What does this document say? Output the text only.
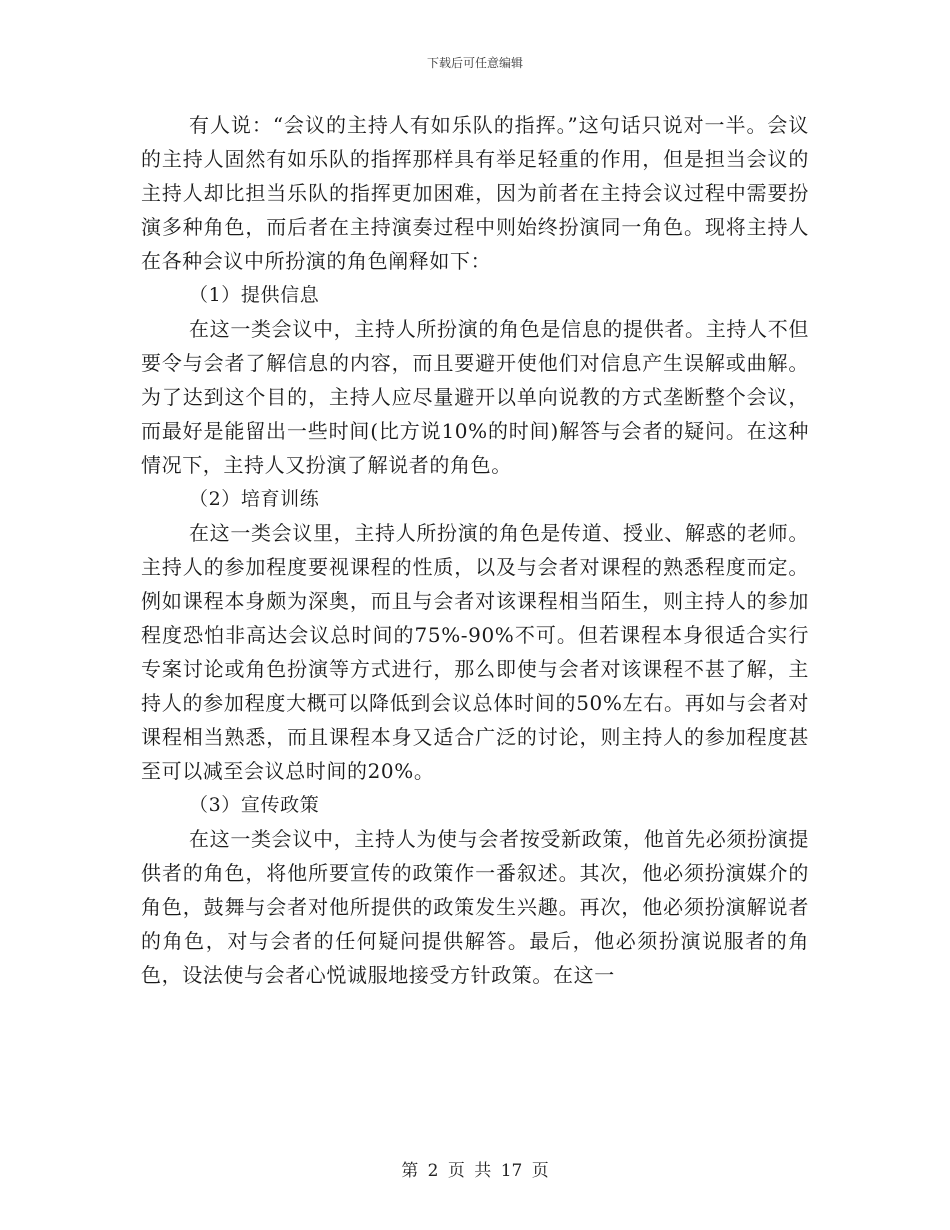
下载后可任意编辑

有人说：“会议的主持人有如乐队的指挥。”这句话只说对一半。会议的主持人固然有如乐队的指挥那样具有举足轻重的作用，但是担当会议的主持人却比担当乐队的指挥更加困难，因为前者在主持会议过程中需要扮演多种角色，而后者在主持演奏过程中则始终扮演同一角色。现将主持人在各种会议中所扮演的角色阐释如下：

（1）提供信息

在这一类会议中，主持人所扮演的角色是信息的提供者。主持人不但要令与会者了解信息的内容，而且要避开使他们对信息产生误解或曲解。为了达到这个目的，主持人应尽量避开以单向说教的方式垄断整个会议，而最好是能留出一些时间(比方说10%的时间)解答与会者的疑问。在这种情况下，主持人又扮演了解说者的角色。

（2）培育训练

在这一类会议里，主持人所扮演的角色是传道、授业、解惑的老师。主持人的参加程度要视课程的性质，以及与会者对课程的熟悉程度而定。例如课程本身颇为深奥，而且与会者对该课程相当陌生，则主持人的参加程度恐怕非高达会议总时间的75%-90%不可。但若课程本身很适合实行专案讨论或角色扮演等方式进行，那么即使与会者对该课程不甚了解，主持人的参加程度大概可以降低到会议总体时间的50%左右。再如与会者对课程相当熟悉，而且课程本身又适合广泛的讨论，则主持人的参加程度甚至可以减至会议总时间的20%。

（3）宣传政策

在这一类会议中，主持人为使与会者按受新政策，他首先必须扮演提供者的角色，将他所要宣传的政策作一番叙述。其次，他必须扮演媒介的角色，鼓舞与会者对他所提供的政策发生兴趣。再次，他必须扮演解说者的角色，对与会者的任何疑问提供解答。最后，他必须扮演说服者的角色，设法使与会者心悦诚服地接受方针政策。在这一

第 2 页 共 17 页
